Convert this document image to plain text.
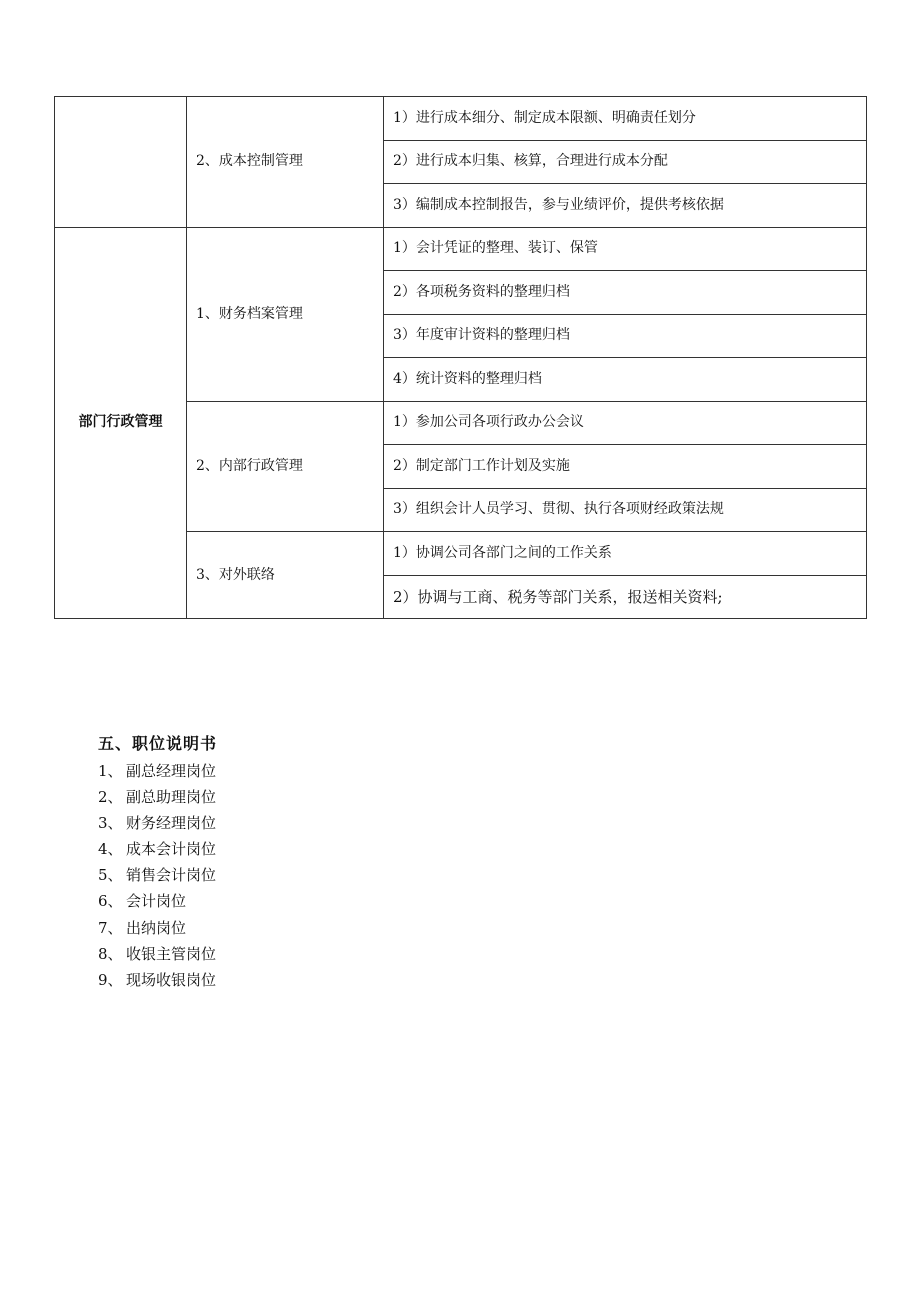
	2、成本控制管理	1）进行成本细分、制定成本限额、明确责任划分
		2）进行成本归集、核算，合理进行成本分配
		3）编制成本控制报告，参与业绩评价，提供考核依据
部门行政管理	1、财务档案管理	1）会计凭证的整理、装订、保管
		2）各项税务资料的整理归档
		3）年度审计资料的整理归档
		4）统计资料的整理归档
	2、内部行政管理	1）参加公司各项行政办公会议
		2）制定部门工作计划及实施
		3）组织会计人员学习、贯彻、执行各项财经政策法规
	3、对外联络	1）协调公司各部门之间的工作关系
		2）协调与工商、税务等部门关系，报送相关资料;
五、职位说明书
1、 副总经理岗位
2、 副总助理岗位
3、 财务经理岗位
4、 成本会计岗位
5、 销售会计岗位
6、 会计岗位
7、 出纳岗位
8、 收银主管岗位
9、 现场收银岗位
